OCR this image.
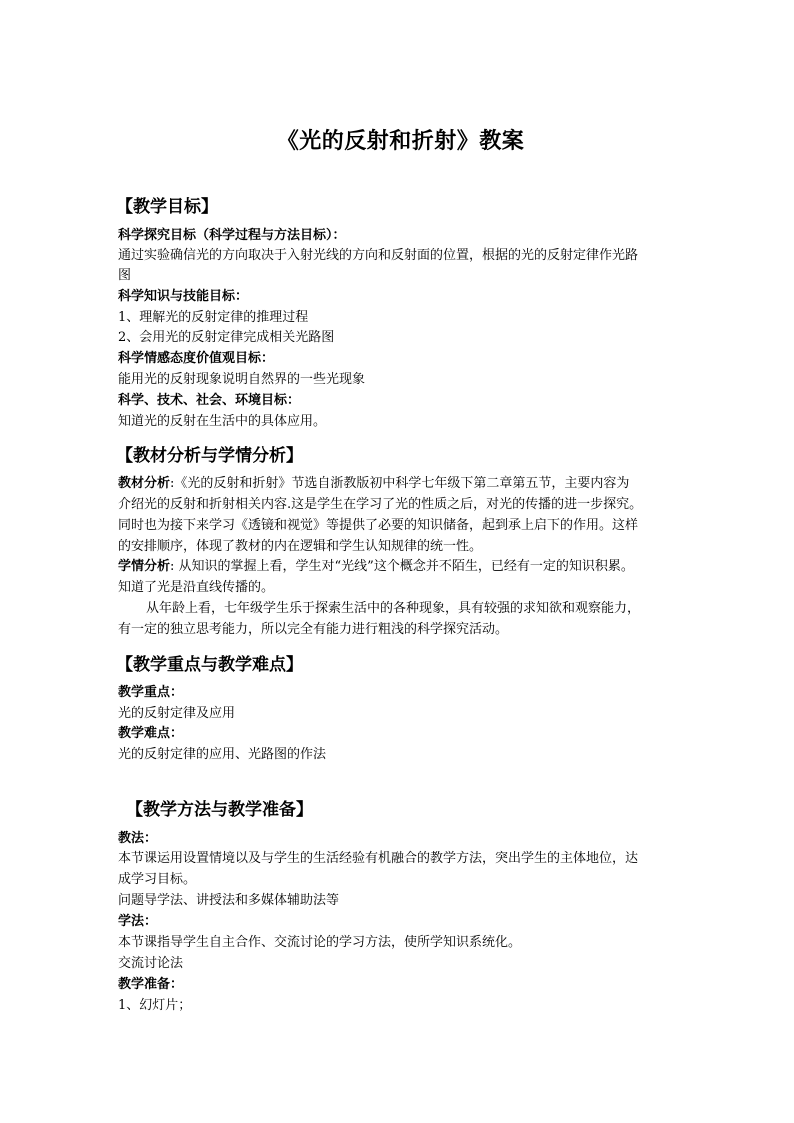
《光的反射和折射》教案
【教学目标】
科学探究目标（科学过程与方法目标）：
通过实验确信光的方向取决于入射光线的方向和反射面的位置，根据的光的反射定律作光路
图
科学知识与技能目标：
1、理解光的反射定律的推理过程
2、会用光的反射定律完成相关光路图
科学情感态度价值观目标：
能用光的反射现象说明自然界的一些光现象
科学、技术、社会、环境目标：
知道光的反射在生活中的具体应用。
【教材分析与学情分析】
教材分析:《光的反射和折射》节选自浙教版初中科学七年级下第二章第五节，主要内容为
介绍光的反射和折射相关内容.这是学生在学习了光的性质之后，对光的传播的进一步探究。
同时也为接下来学习《透镜和视觉》等提供了必要的知识储备，起到承上启下的作用。这样
的安排顺序，体现了教材的内在逻辑和学生认知规律的统一性。
学情分析: 从知识的掌握上看，学生对“光线”这个概念并不陌生，已经有一定的知识积累。
知道了光是沿直线传播的。
从年龄上看，七年级学生乐于探索生活中的各种现象，具有较强的求知欲和观察能力，
有一定的独立思考能力，所以完全有能力进行粗浅的科学探究活动。
【教学重点与教学难点】
教学重点：
光的反射定律及应用
教学难点：
光的反射定律的应用、光路图的作法
【教学方法与教学准备】
教法：
本节课运用设置情境以及与学生的生活经验有机融合的教学方法，突出学生的主体地位，达
成学习目标。
问题导学法、讲授法和多媒体辅助法等
学法：
本节课指导学生自主合作、交流讨论的学习方法，使所学知识系统化。
交流讨论法
教学准备：
1、幻灯片；
